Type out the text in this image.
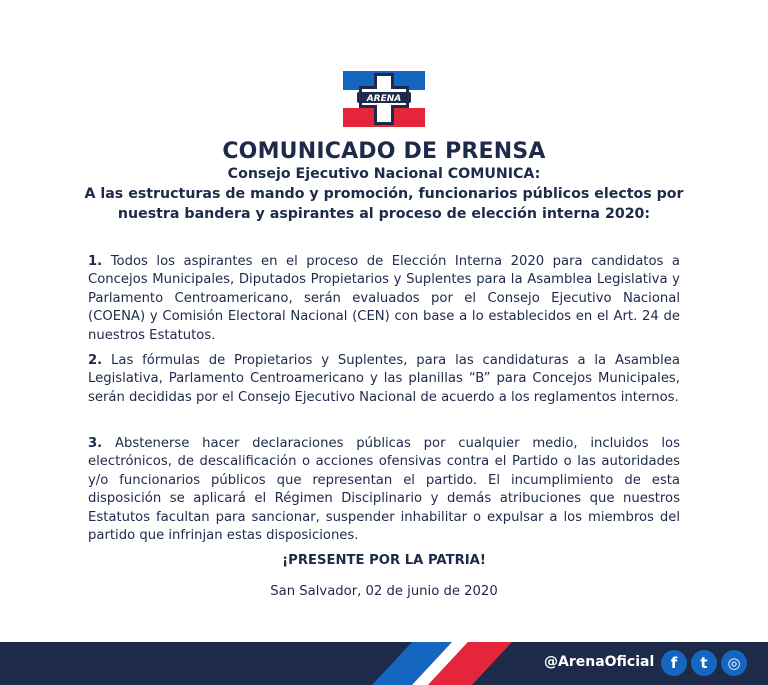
ARENA
COMUNICADO DE PRENSA
Consejo Ejecutivo Nacional COMUNICA:
A las estructuras de mando y promoción, funcionarios públicos electos por
nuestra bandera y aspirantes al proceso de elección interna 2020:
1. Todos los aspirantes en el proceso de Elección Interna 2020 para candidatos a Concejos Municipales, Diputados Propietarios y Suplentes para la Asamblea Legislativa y Parlamento Centroamericano, serán evaluados por el Consejo Ejecutivo Nacional (COENA) y Comisión Electoral Nacional (CEN) con base a lo establecidos en el Art. 24 de nuestros Estatutos.
2. Las fórmulas de Propietarios y Suplentes, para las candidaturas a la Asamblea Legislativa, Parlamento Centroamericano y las planillas “B” para Concejos Municipales, serán decididas por el Consejo Ejecutivo Nacional de acuerdo a los reglamentos internos.
3. Abstenerse hacer declaraciones públicas por cualquier medio, incluidos los electrónicos, de descalificación o acciones ofensivas contra el Partido o las autoridades y/o funcionarios públicos que representan el partido. El incumplimiento de esta disposición se aplicará el Régimen Disciplinario y demás atribuciones que nuestros Estatutos facultan para sancionar, suspender inhabilitar o expulsar a los miembros del partido que infrinjan estas disposiciones.
¡PRESENTE POR LA PATRIA!
San Salvador, 02 de junio de 2020
@ArenaOficial	f	t	◎
